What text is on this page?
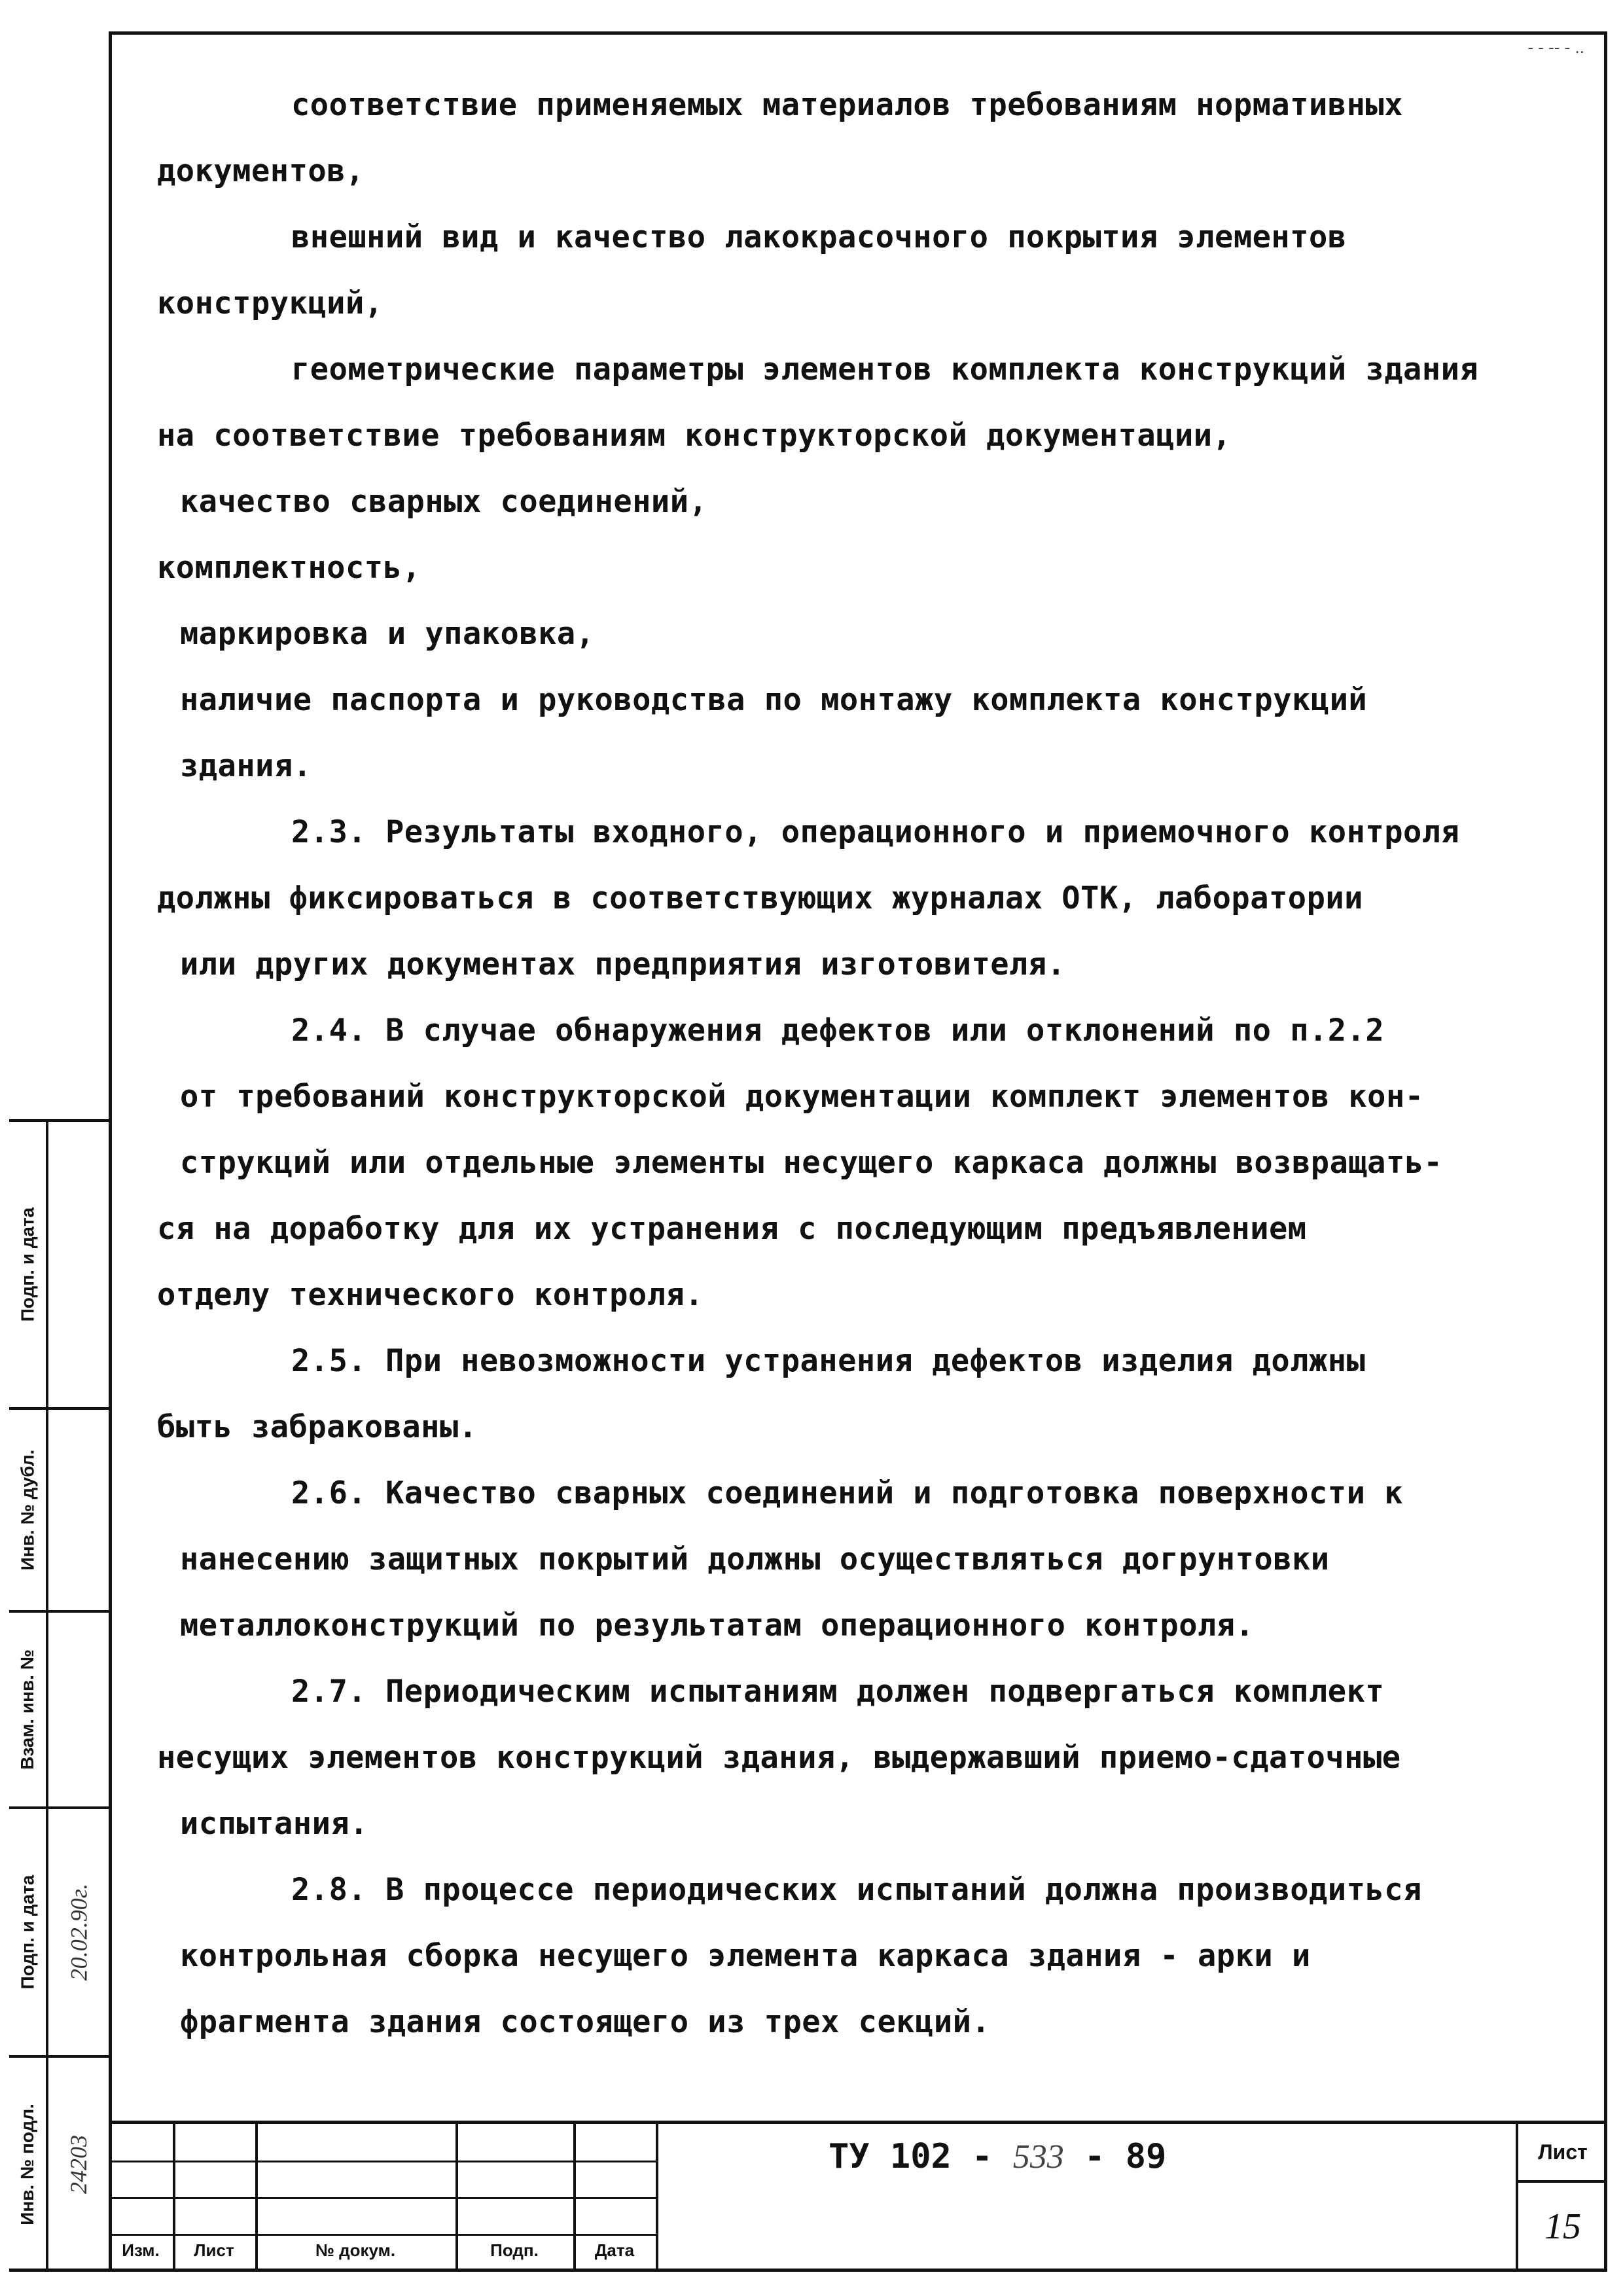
- - -- - ..
соответствие применяемых материалов требованиям нормативных
документов,
внешний вид и качество лакокрасочного покрытия элементов
конструкций,
геометрические параметры элементов комплекта конструкций здания
на соответствие требованиям конструкторской документации,
качество сварных соединений,
комплектность,
маркировка и упаковка,
наличие паспорта и руководства по монтажу комплекта конструкций
здания.
2.3. Результаты входного, операционного и приемочного контроля
должны фиксироваться в соответствующих журналах ОТК, лаборатории
или других документах предприятия изготовителя.
2.4. В случае обнаружения дефектов или отклонений по п.2.2
от требований конструкторской документации комплект элементов кон-
струкций или отдельные элементы несущего каркаса должны возвращать-
ся на доработку для их устранения с последующим предъявлением
отделу технического контроля.
2.5. При невозможности устранения дефектов изделия должны
быть забракованы.
2.6. Качество сварных соединений и подготовка поверхности к
нанесению защитных покрытий должны осуществляться догрунтовки
металлоконструкций по результатам операционного контроля.
2.7. Периодическим испытаниям должен подвергаться комплект
несущих элементов конструкций здания, выдержавший приемо-сдаточные
испытания.
2.8. В процессе периодических испытаний должна производиться
контрольная сборка несущего элемента каркаса здания - арки и
фрагмента здания состоящего из трех секций.
Подп. и дата
Инв. № дубл.
Взам. инв. №
Подп. и дата 20.02.90г.
Инв. № подл. 24203
Изм.	Лист	№ докум.	Подп.	Дата
ТУ 102 - 533 - 89	Лист
15
